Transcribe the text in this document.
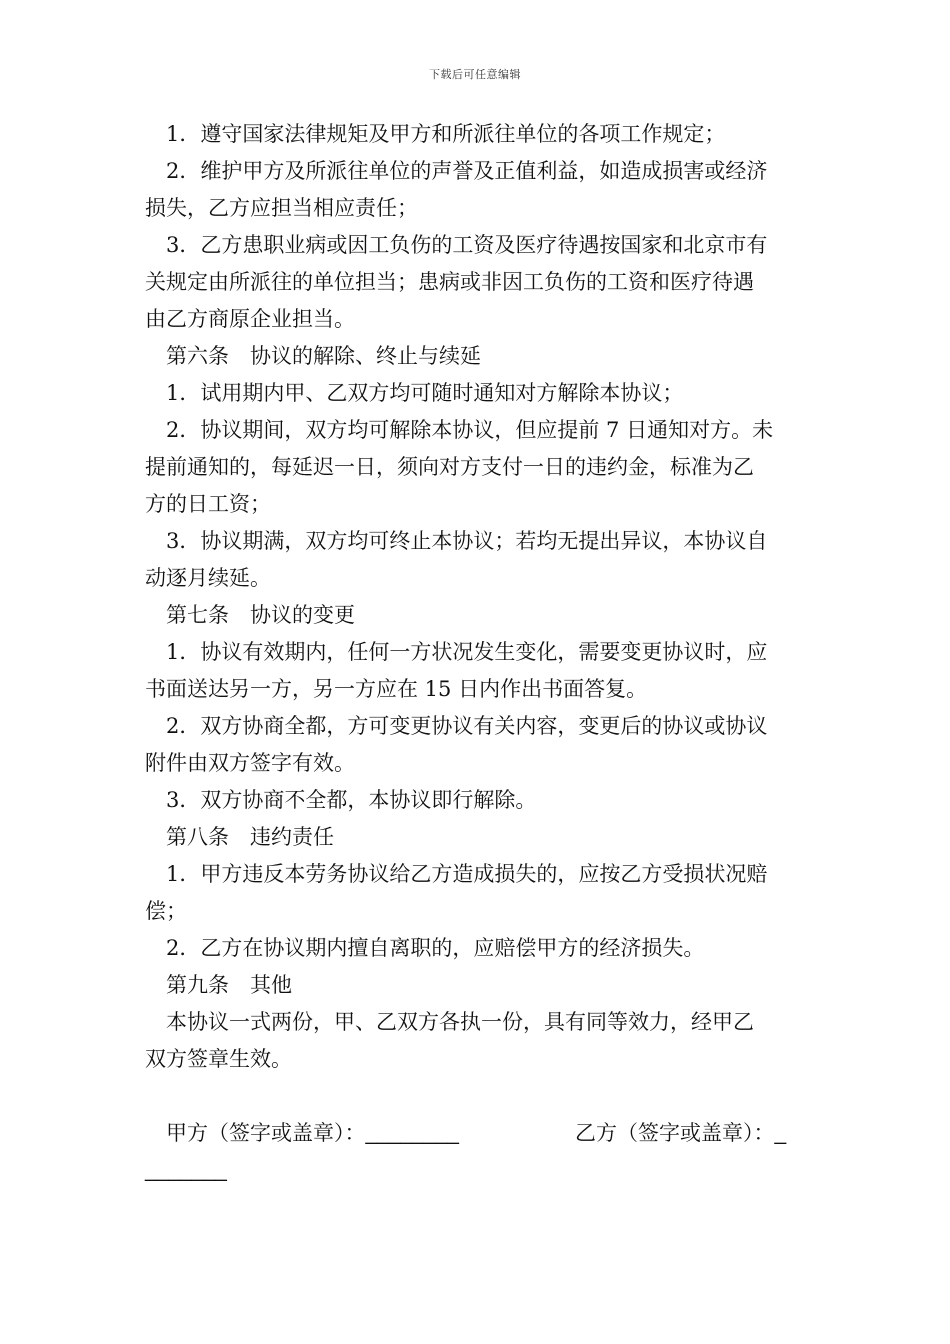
下载后可任意编辑
1．遵守国家法律规矩及甲方和所派往单位的各项工作规定；
2．维护甲方及所派往单位的声誉及正值利益，如造成损害或经济
损失，乙方应担当相应责任；
3．乙方患职业病或因工负伤的工资及医疗待遇按国家和北京市有
关规定由所派往的单位担当；患病或非因工负伤的工资和医疗待遇
由乙方商原企业担当。
第六条　协议的解除、终止与续延
1．试用期内甲、乙双方均可随时通知对方解除本协议；
2．协议期间，双方均可解除本协议，但应提前 7 日通知对方。未
提前通知的，每延迟一日，须向对方支付一日的违约金，标准为乙
方的日工资；
3．协议期满，双方均可终止本协议；若均无提出异议，本协议自
动逐月续延。
第七条　协议的变更
1．协议有效期内，任何一方状况发生变化，需要变更协议时，应
书面送达另一方，另一方应在 15 日内作出书面答复。
2．双方协商全都，方可变更协议有关内容，变更后的协议或协议
附件由双方签字有效。
3．双方协商不全都，本协议即行解除。
第八条　违约责任
1．甲方违反本劳务协议给乙方造成损失的，应按乙方受损状况赔
偿；
2．乙方在协议期内擅自离职的，应赔偿甲方的经济损失。
第九条　其他
本协议一式两份，甲、乙双方各执一份，具有同等效力，经甲乙
双方签章生效。
甲方（签字或盖章）：________	乙方（签字或盖章）：_
_______
